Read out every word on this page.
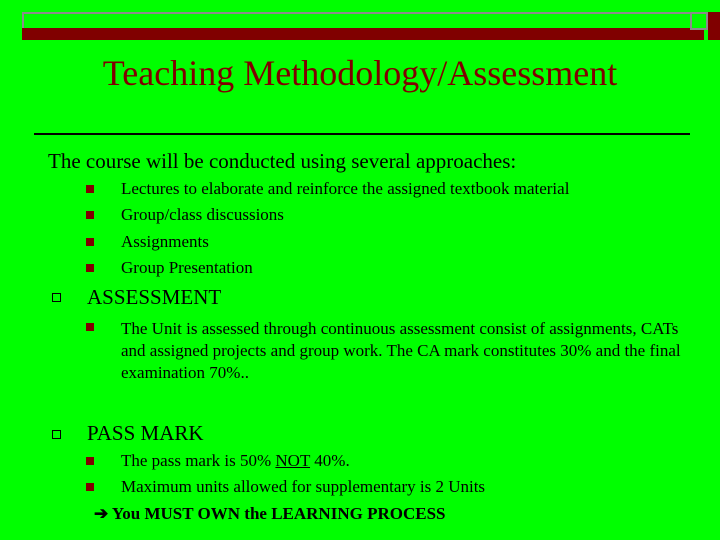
Teaching Methodology/Assessment
The course will be conducted using several approaches:
Lectures to elaborate and reinforce the assigned textbook material
Group/class discussions
Assignments
Group Presentation
ASSESSMENT
The Unit is assessed through continuous assessment consist of assignments, CATs and assigned projects and group work. The CA mark constitutes 30% and the final examination 70%..
PASS MARK
The pass mark is 50% NOT 40%.
Maximum units allowed for supplementary is 2 Units
➔ You MUST OWN the LEARNING PROCESS
